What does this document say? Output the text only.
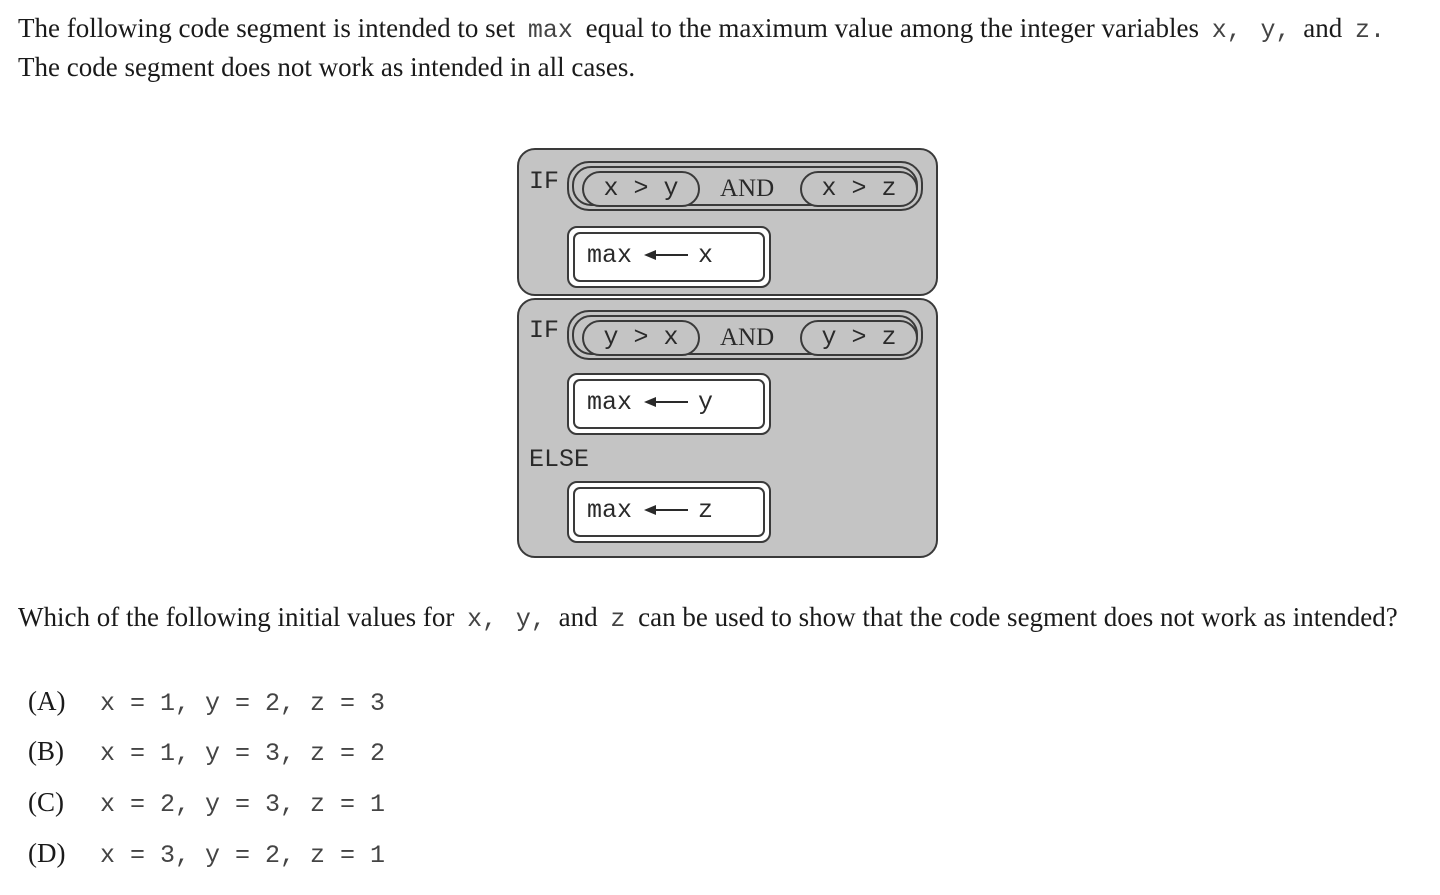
The following code segment is intended to set max equal to the maximum value among the integer variables x, y, and z. The code segment does not work as intended in all cases.

IF	x > y	AND	x > z
max	x
IF	y > x	AND	y > z
max	y
ELSE
max	z

Which of the following initial values for x, y, and z can be used to show that the code segment does not work as intended?

(A) x = 1, y = 2, z = 3
(B) x = 1, y = 3, z = 2
(C) x = 2, y = 3, z = 1
(D) x = 3, y = 2, z = 1
